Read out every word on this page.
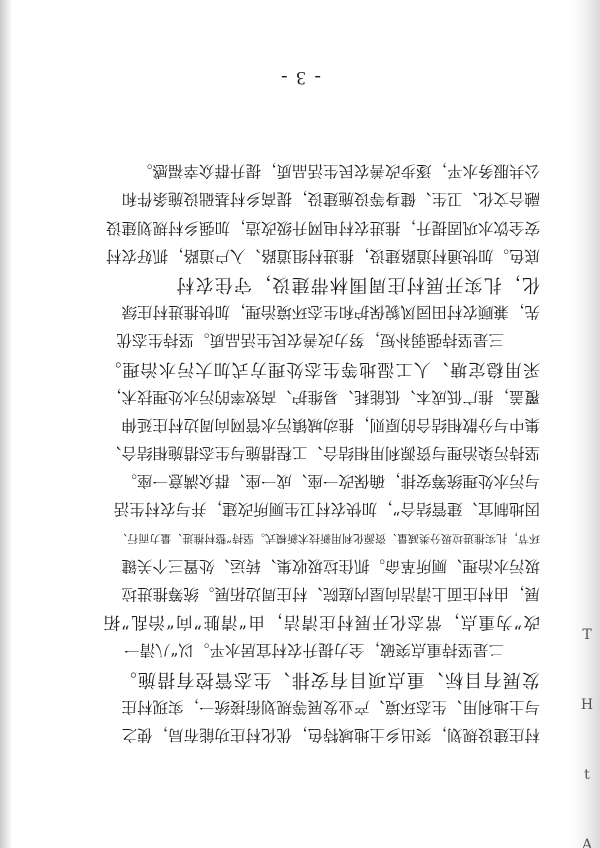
T
H
t
A
村庄建设规划，突出乡土地域特色，优化村庄功能布局，使之
与土地利用、生态环境、产业发展等规划衔接统一，实现村庄
发展有目标、重点项目有安排、生态管控有措施。
二是坚持重点突破，全力提升农村宜居水平。以“八清一
改”为重点，常态化开展村庄清洁，由“清脏”向“治乱”拓
展，由村庄面上清洁向屋内庭院、村庄周边拓展。统筹推进垃
圾污水治理、厕所革命。抓住垃圾收集、转运、处置三个关键
环节，扎实推进垃圾分类减量、资源化利用新技术新模式。坚持“整村推进、量力而行、
因地制宜、建管结合”，加快农村卫生厕所改建，并与农村生活
与污水处理统筹安排，确保改一座、成一座、群众满意一座。
坚持污染治理与资源利用相结合、工程措施与生态措施相结合、
集中与分散相结合的原则，推动城镇污水管网向周边村庄延伸
覆盖，推广低成本、低能耗、易维护、高效率的污水处理技术，
采用稳定塘、人工湿地等生态处理方式加大污水治理。
三是坚持强弱补短，努力改善农民生活品质。坚持生态优
先，兼顾农村田园风貌保护和生态环境治理，加快推进村庄绿
化，扎实开展村庄周围林带建设，守住农村
底色。加快通村道路建设，推进村组道路、入户道路，抓好农村
安全饮水巩固提升，推进农村电网升级改造，加强乡村规划建设
融合文化、卫生、健身等设施建设，提高乡村基础设施条件和
公共服务水平，逐步改善农民生活品质，提升群众幸福感。
- 3 -
